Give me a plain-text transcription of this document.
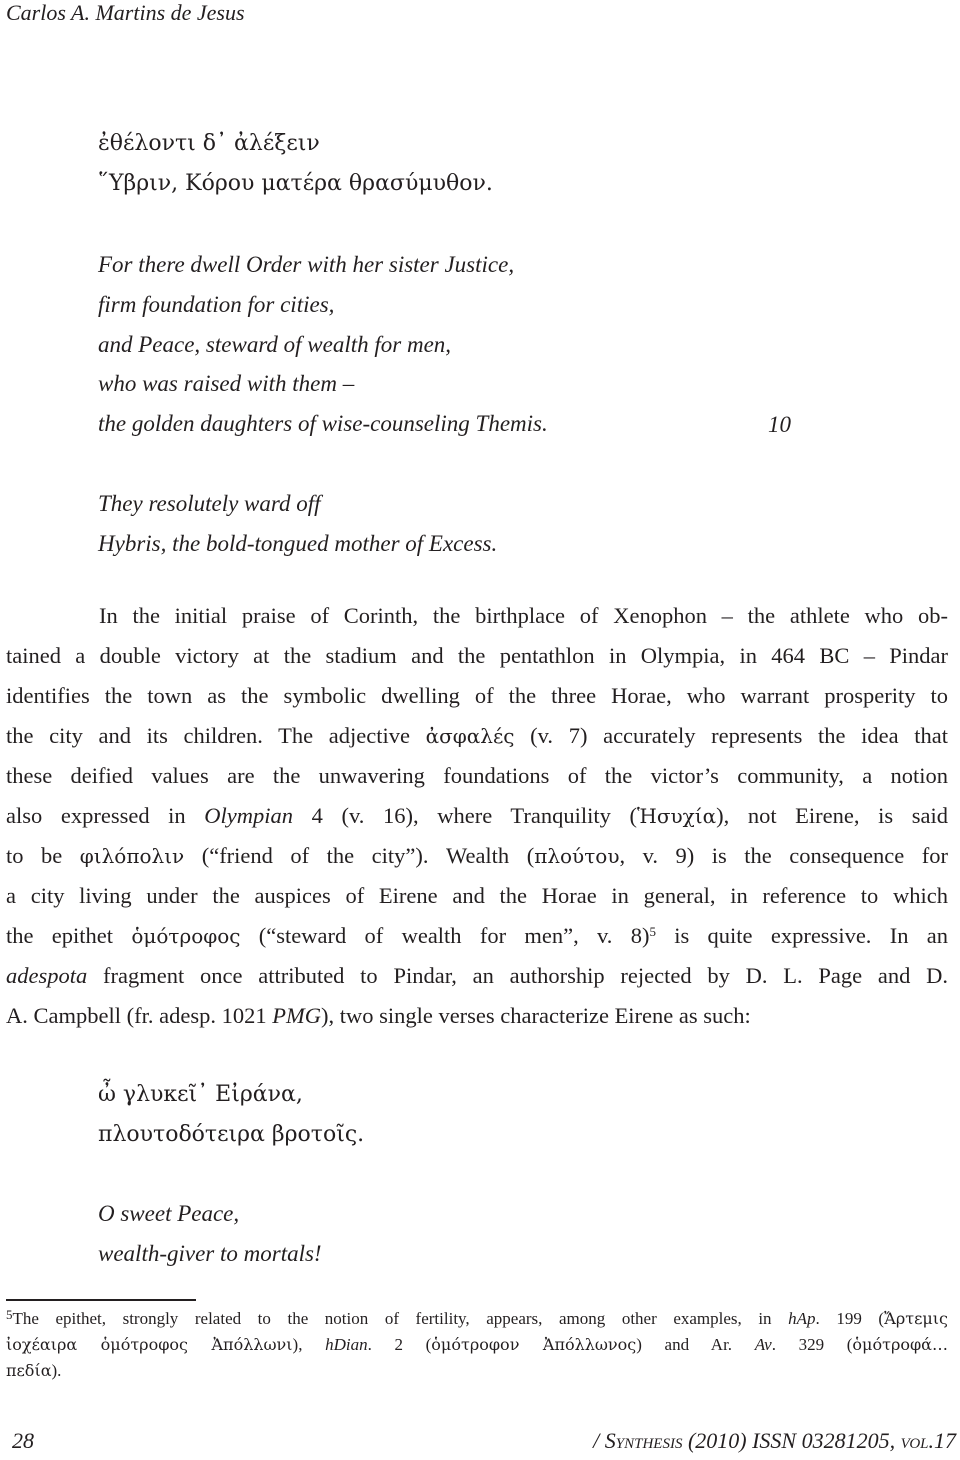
Carlos A. Martins de Jesus
ἐθέλοντι δ᾽ ἀλέξειν
῞Υβριν, Κόρου ματέρα θρασύμυθον.
For there dwell Order with her sister Justice,
firm foundation for cities,
and Peace, steward of wealth for men,
who was raised with them –
the golden daughters of wise-counseling Themis.	10
They resolutely ward off
Hybris, the bold-tongued mother of Excess.
In the initial praise of Corinth, the birthplace of Xenophon – the athlete who ob-
tained a double victory at the stadium and the pentathlon in Olympia, in 464 BC – Pindar
identifies the town as the symbolic dwelling of the three Horae, who warrant prosperity to
the city and its children. The adjective ἀσφαλές (v. 7) accurately represents the idea that
these deified values are the unwavering foundations of the victor’s community, a notion
also expressed in Olympian 4 (v. 16), where Tranquility (Ἡσυχία), not Eirene, is said
to be φιλόπολιν (“friend of the city”). Wealth (πλούτου, v. 9) is the consequence for
a city living under the auspices of Eirene and the Horae in general, in reference to which
the epithet ὁμότροφος (“steward of wealth for men”, v. 8)$^5$ is quite expressive. In an
adespota fragment once attributed to Pindar, an authorship rejected by D. L. Page and D.
A. Campbell (fr. adesp. 1021 PMG), two single verses characterize Eirene as such:
ὦ γλυκεῖ᾽ Εἰράνα,
πλουτοδότειρα βροτοῖς.
O sweet Peace,
wealth-giver to mortals!
$^5$The epithet, strongly related to the notion of fertility, appears, among other examples, in hAp. 199 (Ἄρτεμις
ἰοχέαιρα ὁμότροφος Ἀπόλλωνι), hDian. 2 (ὁμότροφον Ἀπόλλωνος) and Ar. Av. 329 (ὁμότροφά…
πεδία).
28	/ Synthesis (2010) ISSN 03281205, vol.17
